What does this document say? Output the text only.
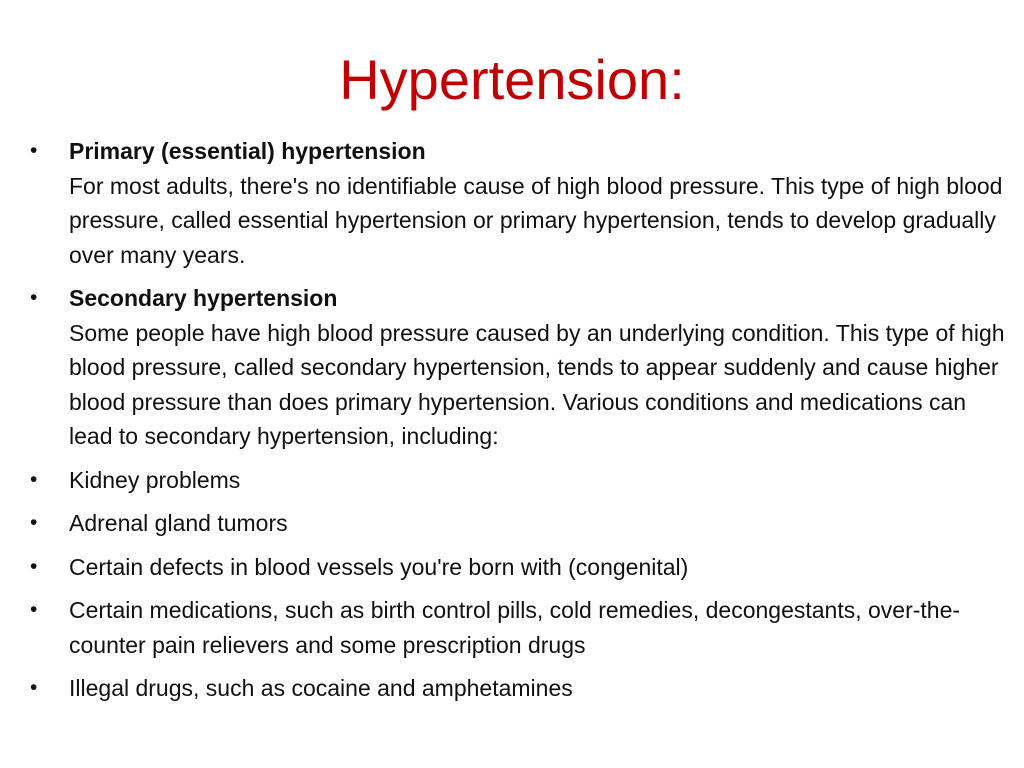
Hypertension:
•	Primary (essential) hypertension
For most adults, there's no identifiable cause of high blood pressure. This type of high blood pressure, called essential hypertension or primary hypertension, tends to develop gradually over many years.
•	Secondary hypertension
Some people have high blood pressure caused by an underlying condition. This type of high blood pressure, called secondary hypertension, tends to appear suddenly and cause higher blood pressure than does primary hypertension. Various conditions and medications can lead to secondary hypertension, including:
•	Kidney problems
•	Adrenal gland tumors
•	Certain defects in blood vessels you're born with (congenital)
•	Certain medications, such as birth control pills, cold remedies, decongestants, over-the-counter pain relievers and some prescription drugs
•	Illegal drugs, such as cocaine and amphetamines
